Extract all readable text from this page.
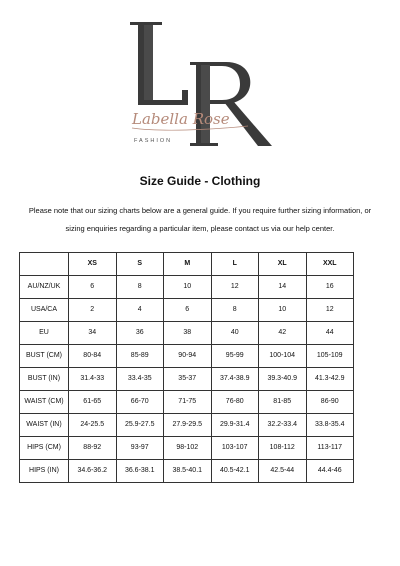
Labella Rose
FASHION
Size Guide - Clothing
Please note that our sizing charts below are a general guide. If you require further sizing information, or
sizing enquiries regarding a particular item, please contact us via our help center.
	XS	S	M	L	XL	XXL
AU/NZ/UK	6	8	10	12	14	16
USA/CA	2	4	6	8	10	12
EU	34	36	38	40	42	44
BUST (CM)	80-84	85-89	90-94	95-99	100-104	105-109
BUST (IN)	31.4-33	33.4-35	35-37	37.4-38.9	39.3-40.9	41.3-42.9
WAIST (CM)	61-65	66-70	71-75	76-80	81-85	86-90
WAIST (IN)	24-25.5	25.9-27.5	27.9-29.5	29.9-31.4	32.2-33.4	33.8-35.4
HIPS (CM)	88-92	93-97	98-102	103-107	108-112	113-117
HIPS (IN)	34.6-36.2	36.6-38.1	38.5-40.1	40.5-42.1	42.5-44	44.4-46
